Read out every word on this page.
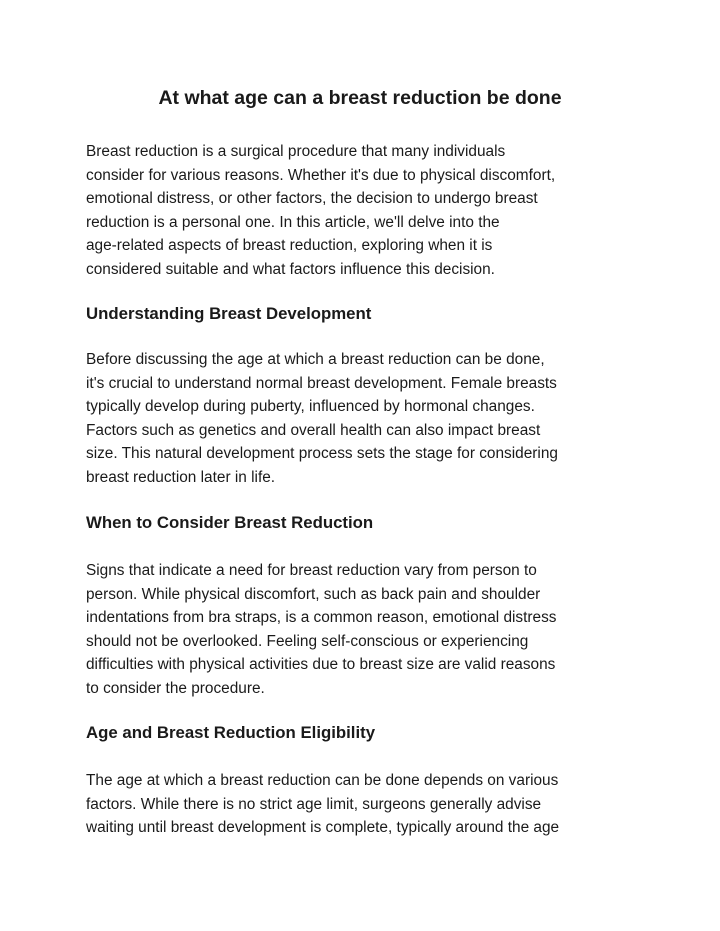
At what age can a breast reduction be done

Breast reduction is a surgical procedure that many individuals
consider for various reasons. Whether it's due to physical discomfort,
emotional distress, or other factors, the decision to undergo breast
reduction is a personal one. In this article, we'll delve into the
age-related aspects of breast reduction, exploring when it is
considered suitable and what factors influence this decision.

Understanding Breast Development

Before discussing the age at which a breast reduction can be done,
it's crucial to understand normal breast development. Female breasts
typically develop during puberty, influenced by hormonal changes.
Factors such as genetics and overall health can also impact breast
size. This natural development process sets the stage for considering
breast reduction later in life.

When to Consider Breast Reduction

Signs that indicate a need for breast reduction vary from person to
person. While physical discomfort, such as back pain and shoulder
indentations from bra straps, is a common reason, emotional distress
should not be overlooked. Feeling self-conscious or experiencing
difficulties with physical activities due to breast size are valid reasons
to consider the procedure.

Age and Breast Reduction Eligibility

The age at which a breast reduction can be done depends on various
factors. While there is no strict age limit, surgeons generally advise
waiting until breast development is complete, typically around the age
